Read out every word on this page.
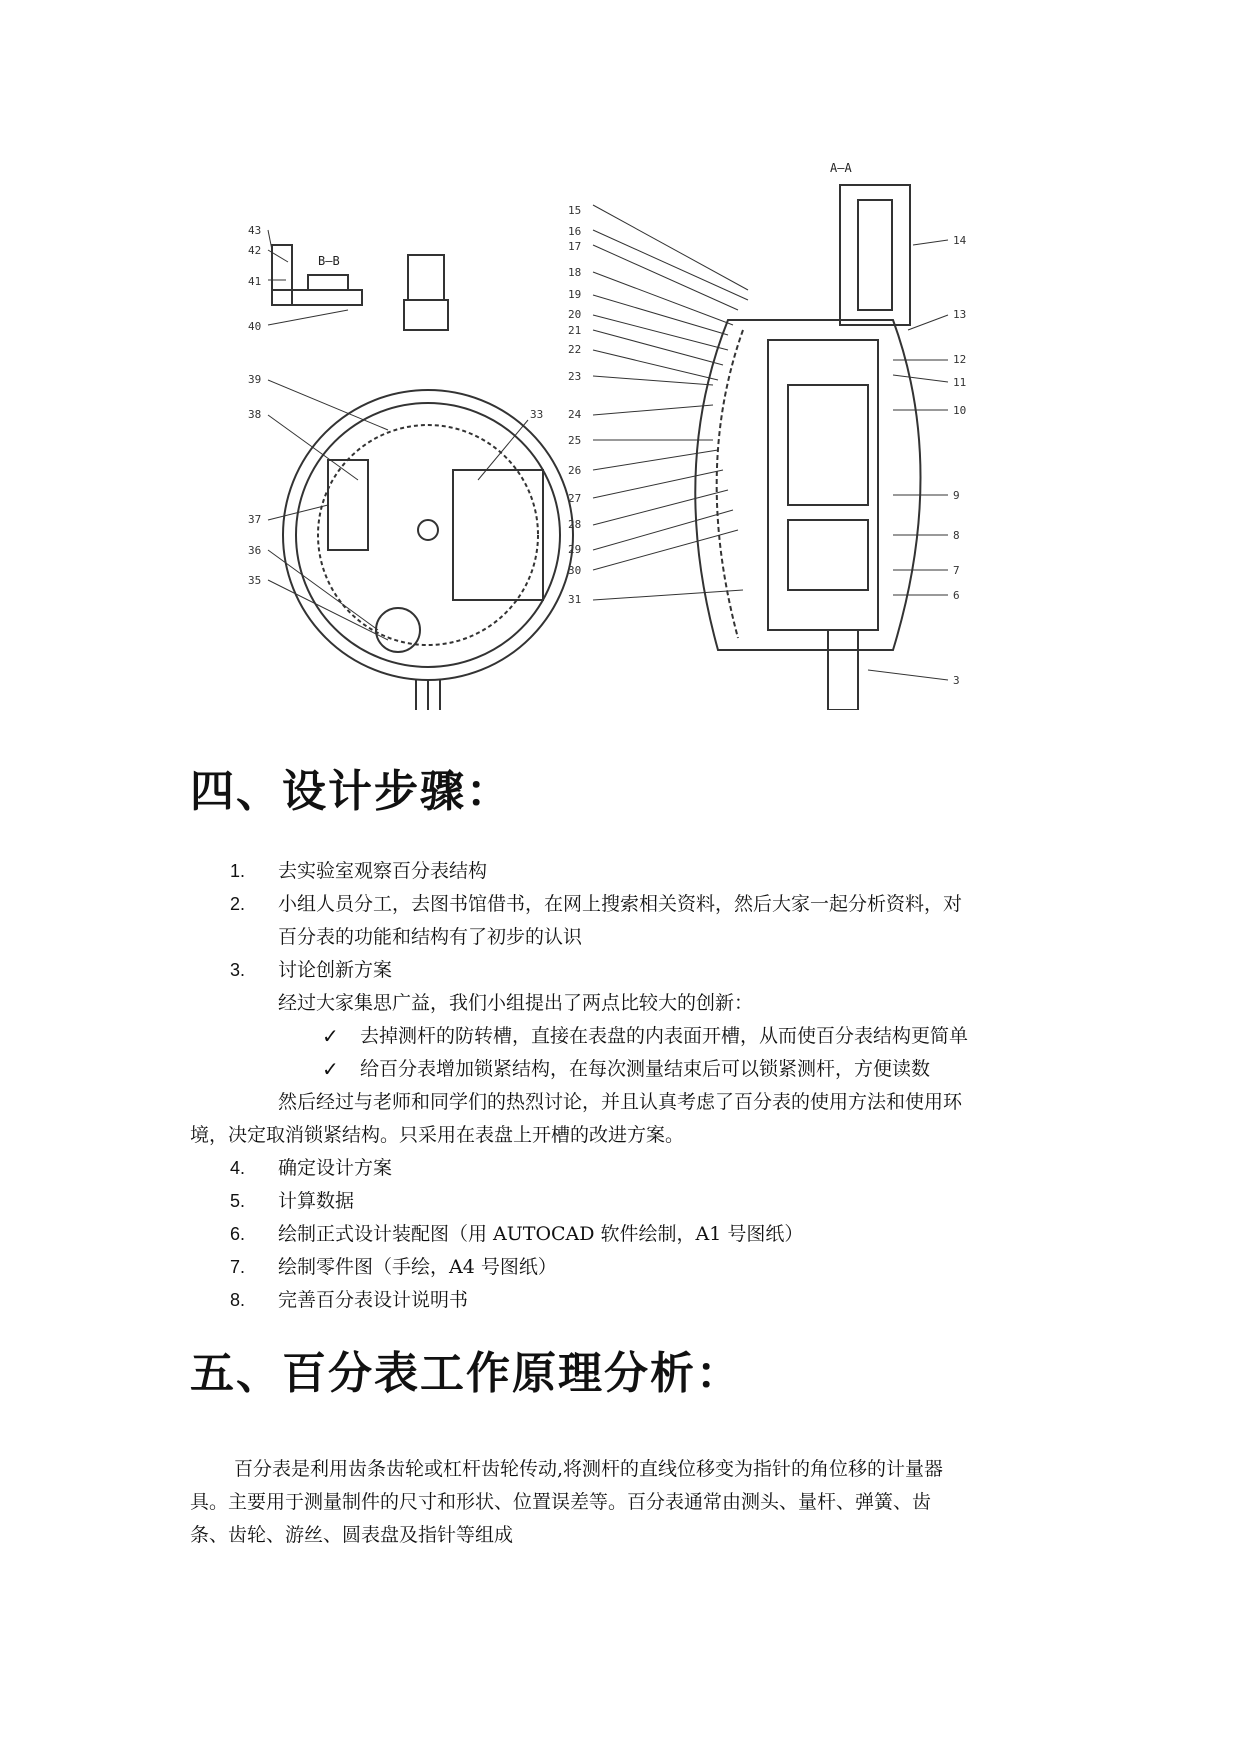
43
42
41
40
39
38
37
36
35
33
B—B
A—A
15
16
17
18
19
20
21
22
23
24
25
26
27
28
29
30
31
14
13
12
11
10
9
8
7
6
3
四、设计步骤：
1.	去实验室观察百分表结构
2.	小组人员分工，去图书馆借书，在网上搜索相关资料，然后大家一起分析资料，对
百分表的功能和结构有了初步的认识
3.	讨论创新方案
经过大家集思广益，我们小组提出了两点比较大的创新：
✓ 去掉测杆的防转槽，直接在表盘的内表面开槽，从而使百分表结构更简单
✓ 给百分表增加锁紧结构，在每次测量结束后可以锁紧测杆，方便读数
然后经过与老师和同学们的热烈讨论，并且认真考虑了百分表的使用方法和使用环
境，决定取消锁紧结构。只采用在表盘上开槽的改进方案。
4.	确定设计方案
5.	计算数据
6.	绘制正式设计装配图（用 AUTOCAD 软件绘制，A1 号图纸）
7.	绘制零件图（手绘，A4 号图纸）
8.	完善百分表设计说明书
五、百分表工作原理分析：
百分表是利用齿条齿轮或杠杆齿轮传动,将测杆的直线位移变为指针的角位移的计量器
具。主要用于测量制件的尺寸和形状、位置误差等。百分表通常由测头、量杆、弹簧、齿
条、齿轮、游丝、圆表盘及指针等组成
